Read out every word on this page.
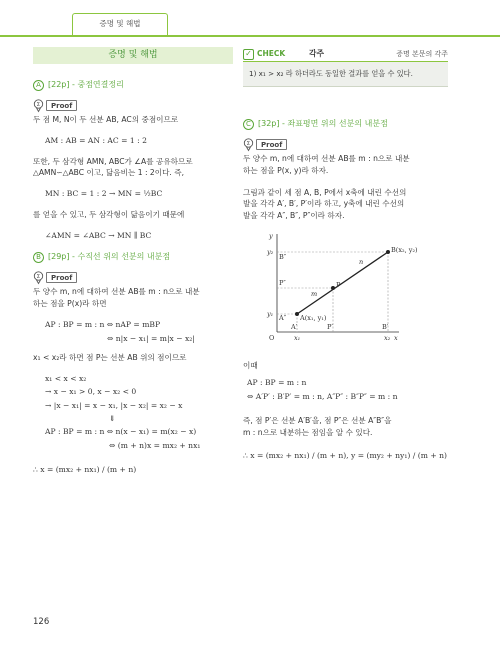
증명 및 해법
증명 및 해법
A [22p] - 중점연결정리
Σ	Proof

두 점 M, N이 두 선분 AB, AC의 중점이므로

AM : AB = AN : AC = 1 : 2

또한, 두 삼각형 AMN, ABC가 ∠A를 공유하므로

△AMN∽△ABC 이고, 닮음비는 1 : 2이다. 즉,

MN : BC = 1 : 2 → MN = ½BC

를 얻을 수 있고, 두 삼각형이 닮음이기 때문에

∠AMN = ∠ABC → MN ∥ BC
B [29p] - 수직선 위의 선분의 내분점
Σ	Proof

두 양수 m, n에 대하여 선분 AB를 m : n으로 내분

하는 점을 P(x)라 하면

AP : BP = m : n ⇔ nAP = mBP
⇔ n|x − x₁| = m|x − x₂|

x₁ < x₂라 하면 점 P는 선분 AB 위의 점이므로

x₁ < x < x₂
→ x − x₁ > 0, x − x₂ < 0
→ |x − x₁| = x − x₁, |x − x₂| = x₂ − x
⇓
AP : BP = m : n ⇔ n(x − x₁) = m(x₂ − x)
⇔ (m + n)x = mx₂ + nx₁
∴ x = (mx₂ + nx₁) / (m + n)
126
✓ CHECK	각주	증명 본문의 각주
1) x₁ > x₂ 라 하더라도 동일한 결과를 얻을 수 있다.
C [32p] - 좌표평면 위의 선분의 내분점
Σ	Proof

두 양수 m, n에 대하여 선분 AB를 m : n으로 내분

하는 점을 P(x, y)라 하자.

그림과 같이 세 점 A, B, P에서 x축에 내린 수선의

발을 각각 A′, B′, P′이라 하고, y축에 내린 수선의

발을 각각 A″, B″, P″이라 하자.

B(x₂, y₂)
P
A(x₁, y₁)
m
n
B″
P″
A″
y₂
y₁
y
O
A′	P′	B′
x₁	x₂ x

이때

AP : BP = m : n
⇔ A′P′ : B′P′ = m : n, A″P″ : B″P″ = m : n

즉, 점 P′은 선분 A′B′을, 점 P″은 선분 A″B″을

m : n으로 내분하는 점임을 알 수 있다.

∴ x = (mx₂ + nx₁) / (m + n), y = (my₂ + ny₁) / (m + n)
